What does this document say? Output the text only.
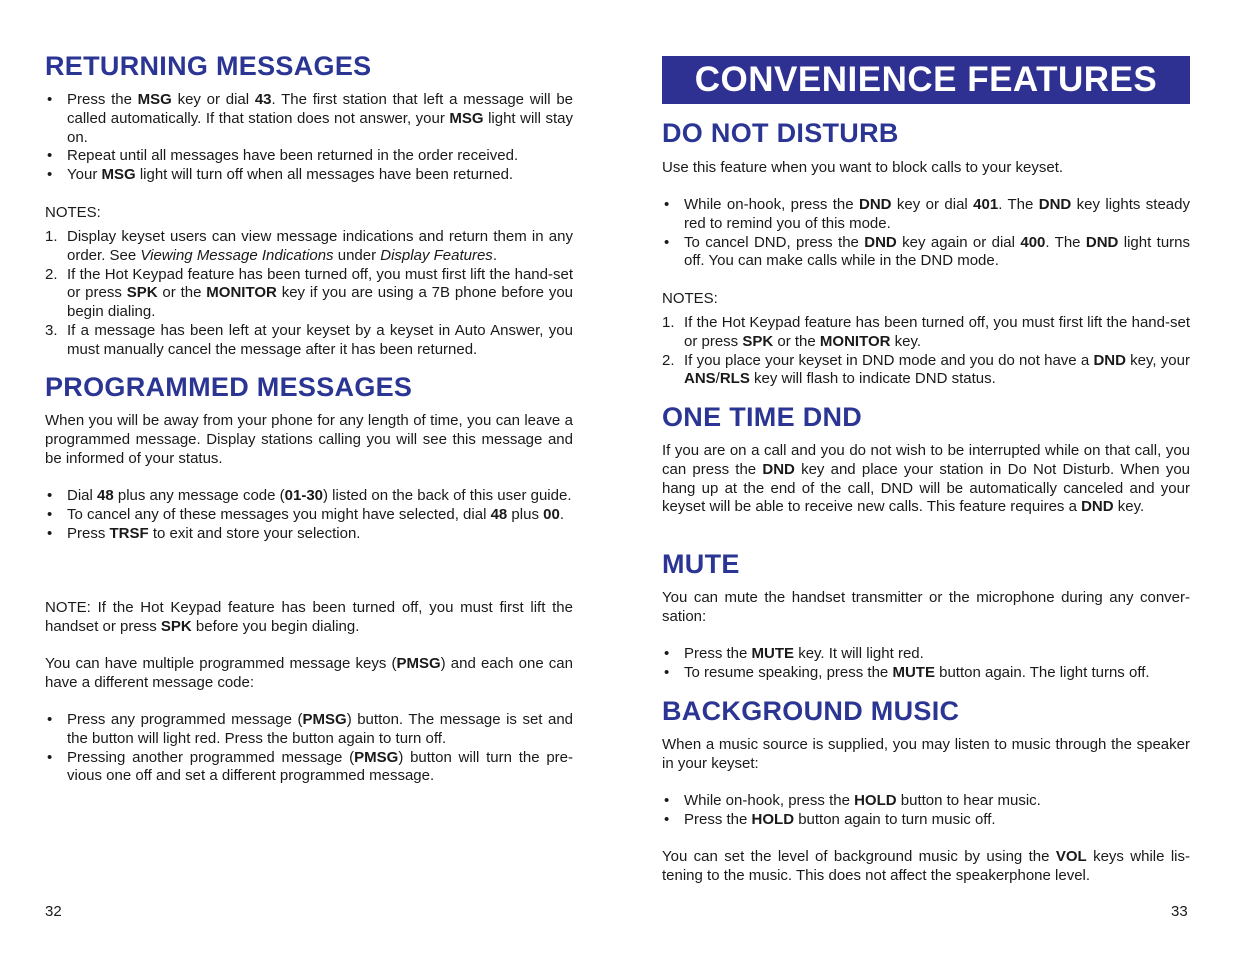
RETURNING MESSAGES
• Press the MSG key or dial 43. The first station that left a message will be called automatically. If that station does not answer, your MSG light will stay on.
• Repeat until all messages have been returned in the order received.
• Your MSG light will turn off when all messages have been returned.

NOTES:

1. Display keyset users can view message indications and return them in any order. See Viewing Message Indications under Display Features.
2. If the Hot Keypad feature has been turned off, you must first lift the hand-set or press SPK or the MONITOR key if you are using a 7B phone before you begin dialing.
3. If a message has been left at your keyset by a keyset in Auto Answer, you must manually cancel the message after it has been returned.
PROGRAMMED MESSAGES

When you will be away from your phone for any length of time, you can leave a programmed message. Display stations calling you will see this message and be informed of your status.

• Dial 48 plus any message code (01-30) listed on the back of this user guide.
• To cancel any of these messages you might have selected, dial 48 plus 00.
• Press TRSF to exit and store your selection.

NOTE: If the Hot Keypad feature has been turned off, you must first lift the handset or press SPK before you begin dialing.

You can have multiple programmed message keys (PMSG) and each one can have a different message code:

• Press any programmed message (PMSG) button. The message is set and the button will light red. Press the button again to turn off.
• Pressing another programmed message (PMSG) button will turn the pre-vious one off and set a different programmed message.
32
CONVENIENCE FEATURES
DO NOT DISTURB

Use this feature when you want to block calls to your keyset.

• While on-hook, press the DND key or dial 401. The DND key lights steady red to remind you of this mode.
• To cancel DND, press the DND key again or dial 400. The DND light turns off. You can make calls while in the DND mode.

NOTES:

1. If the Hot Keypad feature has been turned off, you must first lift the hand-set or press SPK or the MONITOR key.
2. If you place your keyset in DND mode and you do not have a DND key, your ANS/RLS key will flash to indicate DND status.
ONE TIME DND

If you are on a call and you do not wish to be interrupted while on that call, you can press the DND key and place your station in Do Not Disturb. When you hang up at the end of the call, DND will be automatically canceled and your keyset will be able to receive new calls. This feature requires a DND key.

MUTE

You can mute the handset transmitter or the microphone during any conver-sation:

• Press the MUTE key. It will light red.
• To resume speaking, press the MUTE button again. The light turns off.
BACKGROUND MUSIC

When a music source is supplied, you may listen to music through the speaker in your keyset:

• While on-hook, press the HOLD button to hear music.
• Press the HOLD button again to turn music off.

You can set the level of background music by using the VOL keys while lis-tening to the music. This does not affect the speakerphone level.

33
